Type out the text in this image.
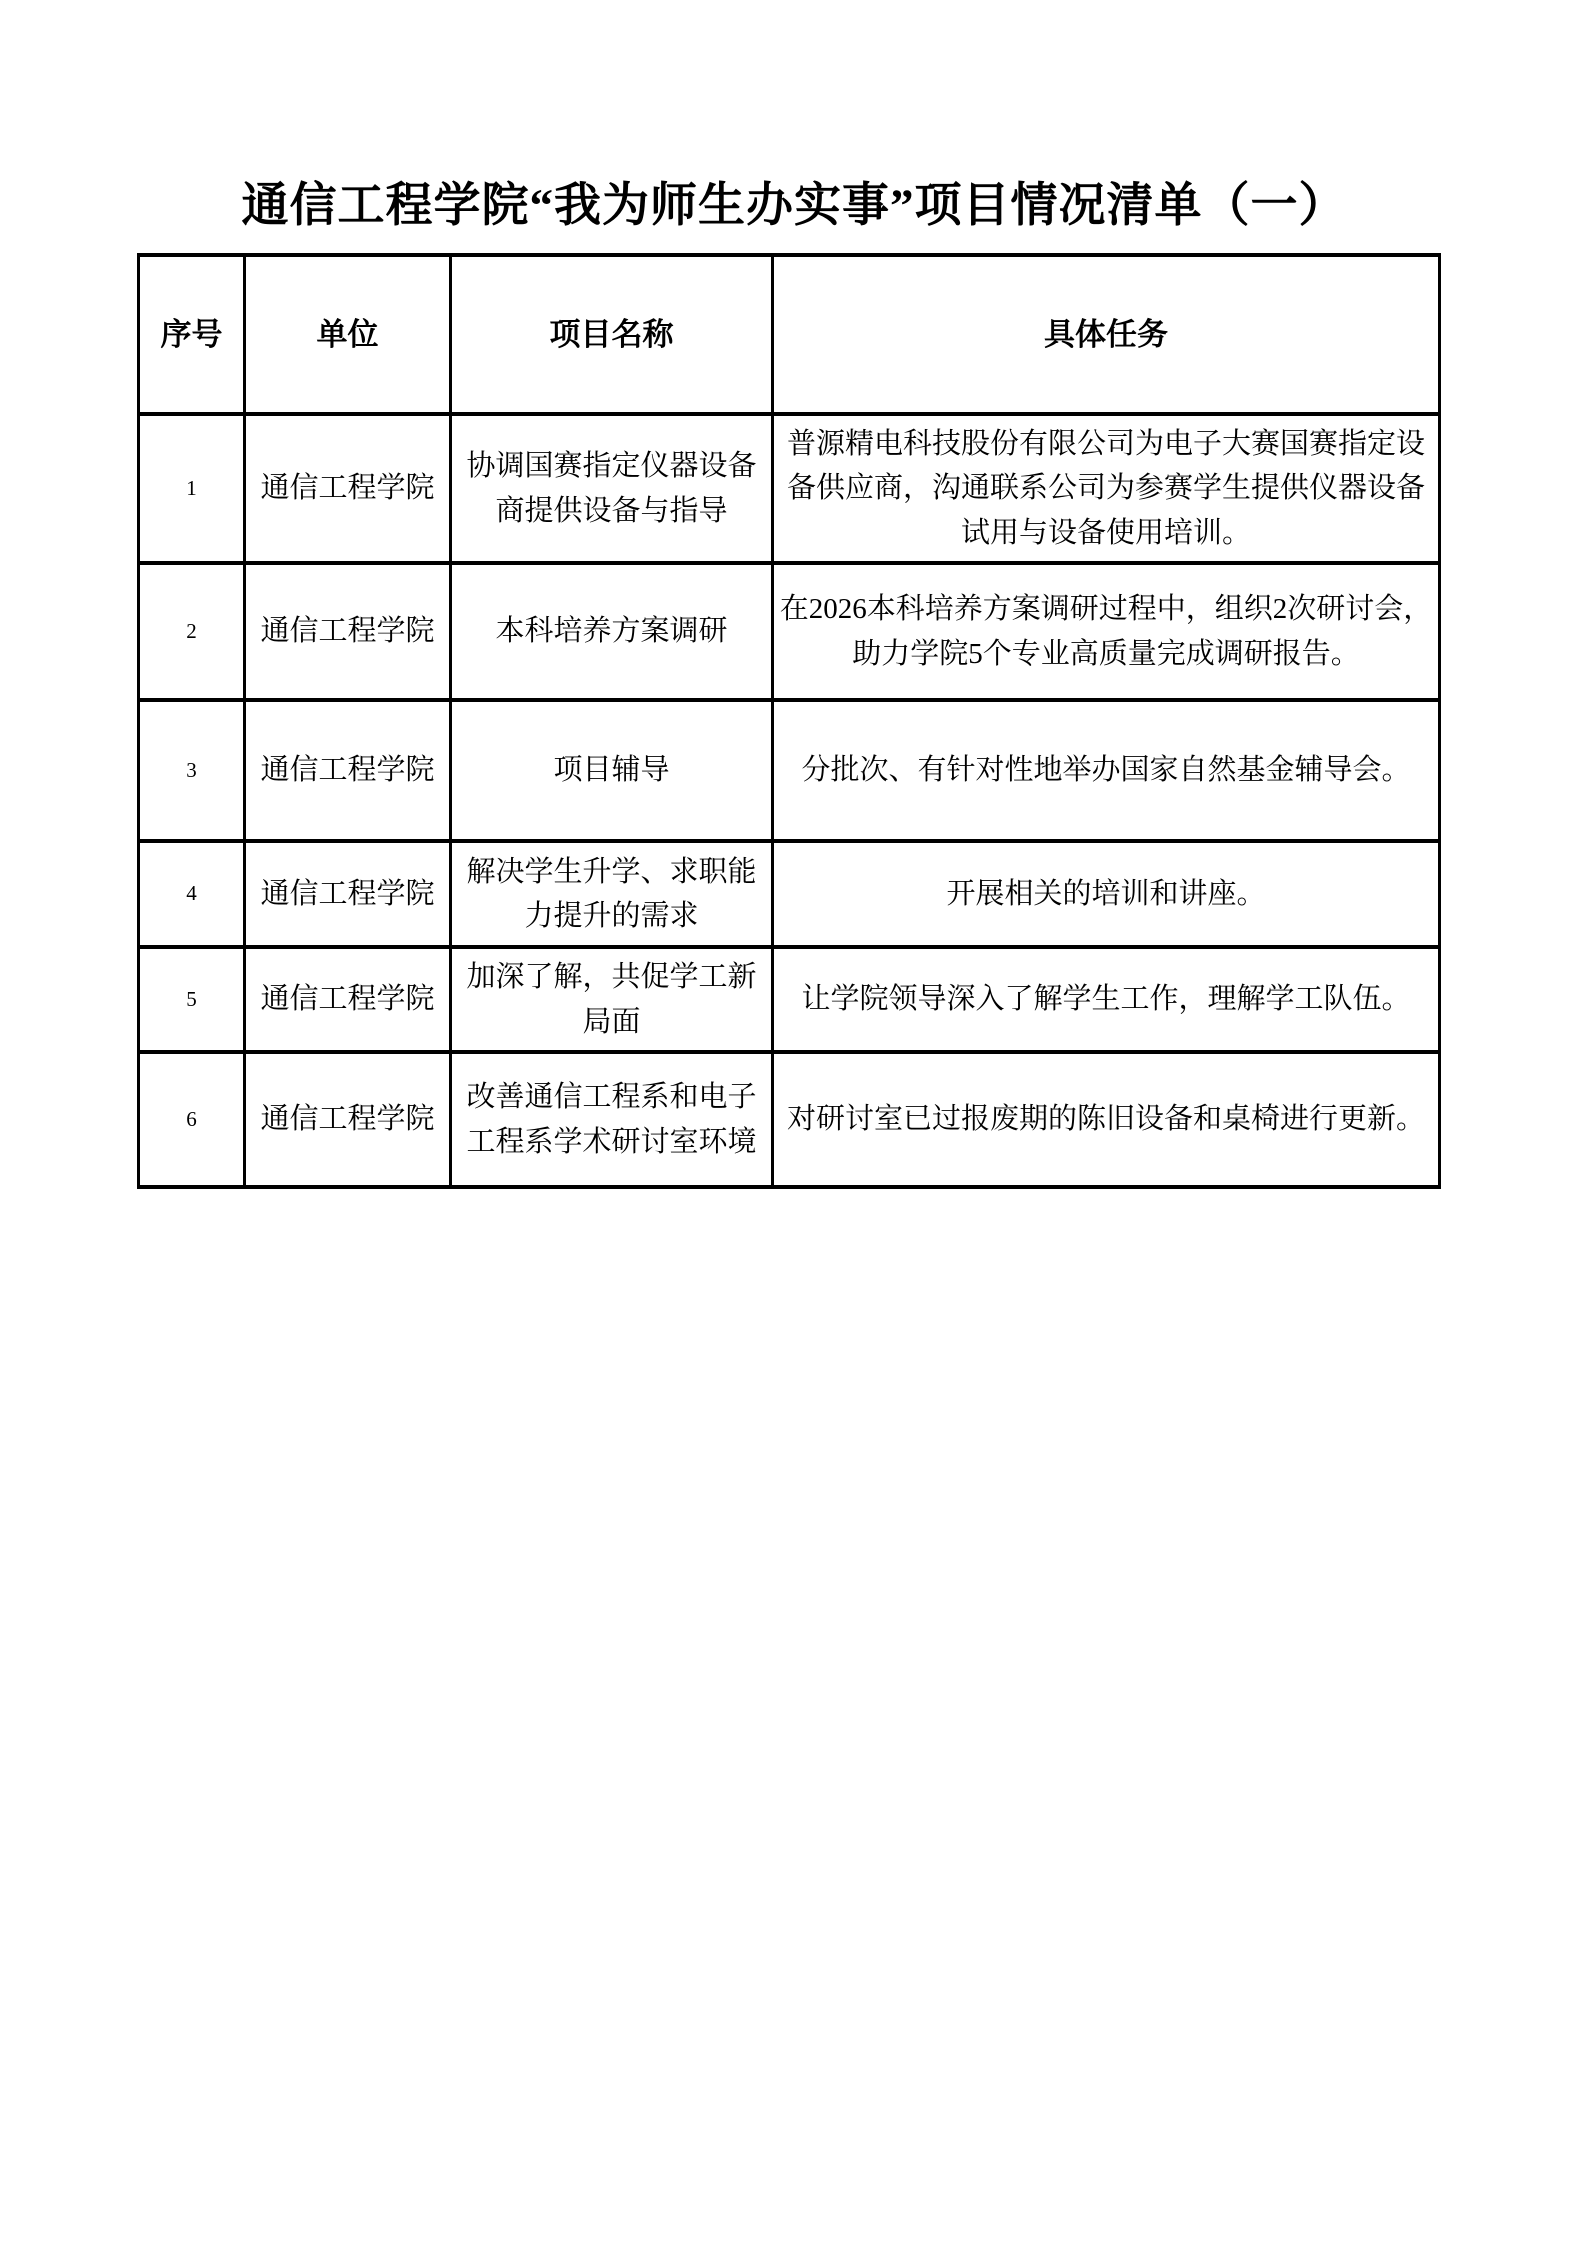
通信工程学院“我为师生办实事”项目情况清单（一）
序号	单位	项目名称	具体任务
1	通信工程学院	协调国赛指定仪器设备商提供设备与指导	普源精电科技股份有限公司为电子大赛国赛指定设备供应商，沟通联系公司为参赛学生提供仪器设备试用与设备使用培训。
2	通信工程学院	本科培养方案调研	在2026本科培养方案调研过程中，组织2次研讨会，助力学院5个专业高质量完成调研报告。
3	通信工程学院	项目辅导	分批次、有针对性地举办国家自然基金辅导会。
4	通信工程学院	解决学生升学、求职能力提升的需求	开展相关的培训和讲座。
5	通信工程学院	加深了解，共促学工新局面	让学院领导深入了解学生工作，理解学工队伍。
6	通信工程学院	改善通信工程系和电子工程系学术研讨室环境	对研讨室已过报废期的陈旧设备和桌椅进行更新。
